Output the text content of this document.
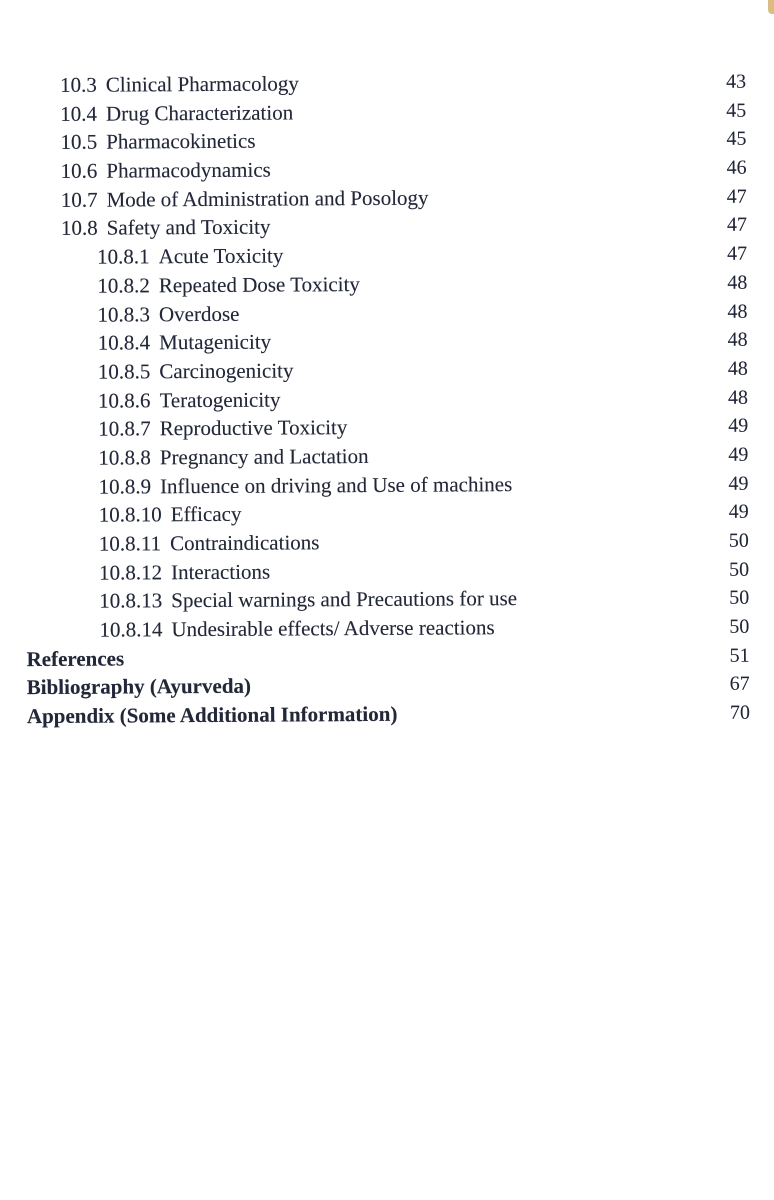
10.3 Clinical Pharmacology	43
10.4 Drug Characterization	45
10.5 Pharmacokinetics	45
10.6 Pharmacodynamics	46
10.7 Mode of Administration and Posology	47
10.8 Safety and Toxicity	47
10.8.1 Acute Toxicity	47
10.8.2 Repeated Dose Toxicity	48
10.8.3 Overdose	48
10.8.4 Mutagenicity	48
10.8.5 Carcinogenicity	48
10.8.6 Teratogenicity	48
10.8.7 Reproductive Toxicity	49
10.8.8 Pregnancy and Lactation	49
10.8.9 Influence on driving and Use of machines	49
10.8.10 Efficacy	49
10.8.11 Contraindications	50
10.8.12 Interactions	50
10.8.13 Special warnings and Precautions for use	50
10.8.14 Undesirable effects/ Adverse reactions	50
References	51
Bibliography (Ayurveda)	67
Appendix (Some Additional Information)	70
